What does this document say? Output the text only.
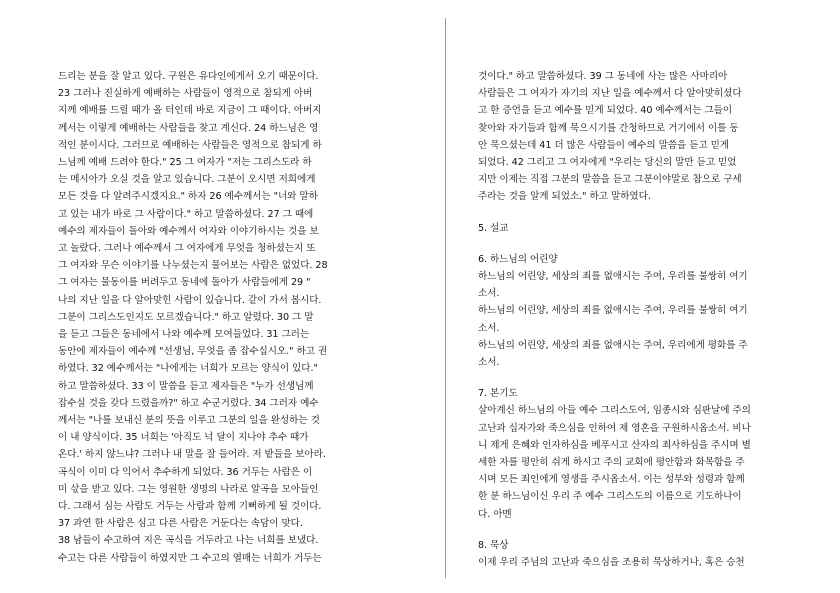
드리는 분을 잘 알고 있다. 구원은 유다인에게서 오기 때문이다.
23 그러나 진실하게 예배하는 사람들이 영적으로 참되게 아버
지께 예배를 드릴 때가 올 터인데 바로 지금이 그 때이다. 아버지
께서는 이렇게 예배하는 사람들을 찾고 계신다. 24 하느님은 영
적인 분이시다. 그러므로 예배하는 사람들은 영적으로 참되게 하
느님께 예배 드려야 한다." 25 그 여자가 "저는 그리스도라 하
는 메시아가 오실 것을 알고 있습니다. 그분이 오시면 저희에게
모든 것을 다 알려주시겠지요." 하자 26 예수께서는 "너와 말하
고 있는 내가 바로 그 사람이다." 하고 말씀하셨다. 27 그 때에
예수의 제자들이 돌아와 예수께서 여자와 이야기하시는 것을 보
고 놀랐다. 그러나 예수께서 그 여자에게 무엇을 청하셨는지 또
그 여자와 무슨 이야기를 나누셨는지 물어보는 사람은 없었다. 28
그 여자는 물동이를 버려두고 동네에 돌아가 사람들에게 29 "
나의 지난 일을 다 알아맞힌 사람이 있습니다. 같이 가서 봅시다.
그분이 그리스도인지도 모르겠습니다." 하고 알렸다. 30 그 말
을 듣고 그들은 동네에서 나와 예수께 모여들었다. 31 그러는
동안에 제자들이 예수께 "선생님, 무엇을 좀 잡수십시오." 하고 권
하였다. 32 예수께서는 "나에게는 너희가 모르는 양식이 있다."
하고 말씀하셨다. 33 이 말씀을 듣고 제자들은 "누가 선생님께
잡수실 것을 갖다 드렸을까?" 하고 수군거렸다. 34 그러자 예수
께서는 "나를 보내신 분의 뜻을 이루고 그분의 일을 완성하는 것
이 내 양식이다. 35 너희는 '아직도 넉 달이 지나야 추수 때가
온다.' 하지 않느냐? 그러나 내 말을 잘 들어라. 저 밭들을 보아라.
곡식이 이미 다 익어서 추수하게 되었다. 36 거두는 사람은 이
미 삯을 받고 있다. 그는 영원한 생명의 나라로 알곡을 모아들인
다. 그래서 심는 사람도 거두는 사람과 함께 기뻐하게 될 것이다.
37 과연 한 사람은 심고 다른 사람은 거둔다는 속담이 맞다.
38 남들이 수고하여 지은 곡식을 거두라고 나는 너희를 보냈다.
수고는 다른 사람들이 하였지만 그 수고의 열매는 너희가 거두는

것이다." 하고 말씀하셨다. 39 그 동네에 사는 많은 사마리아
사람들은 그 여자가 자기의 지난 일을 예수께서 다 알아맞히셨다
고 한 증언을 듣고 예수를 믿게 되었다. 40 예수께서는 그들이
찾아와 자기들과 함께 묵으시기를 간청하므로 거기에서 이틀 동
안 묵으셨는데 41 더 많은 사람들이 예수의 말씀을 듣고 믿게
되었다. 42 그리고 그 여자에게 "우리는 당신의 말만 듣고 믿었
지만 이제는 직접 그분의 말씀을 듣고 그분이야말로 참으로 구세
주라는 것을 알게 되었소." 하고 말하였다.

5. 설교
6. 하느님의 어린양
하느님의 어린양, 세상의 죄를 없애시는 주여, 우리를 불쌍히 여기
소서.
하느님의 어린양, 세상의 죄를 없애시는 주여, 우리를 불쌍히 여기
소서.
하느님의 어린양, 세상의 죄를 없애시는 주여, 우리에게 평화를 주
소서.
7. 본기도
살아계신 하느님의 아들 예수 그리스도여, 임종시와 심판날에 주의
고난과 십자가와 죽으심을 인하여 제 영혼을 구원하시옵소서. 비나
니 제게 은혜와 인자하심을 베푸시고 산자의 죄사하심을 주시며 별
세한 자를 평안히 쉬게 하시고 주의 교회에 평안함과 화목함을 주
시며 모든 죄인에게 영생을 주시옵소서. 이는 성부와 성령과 함께
한 분 하느님이신 우리 주 예수 그리스도의 이름으로 기도하나이
다. 아멘
8. 묵상
이제 우리 주님의 고난과 죽으심을 조용히 묵상하거나, 혹은 승천
